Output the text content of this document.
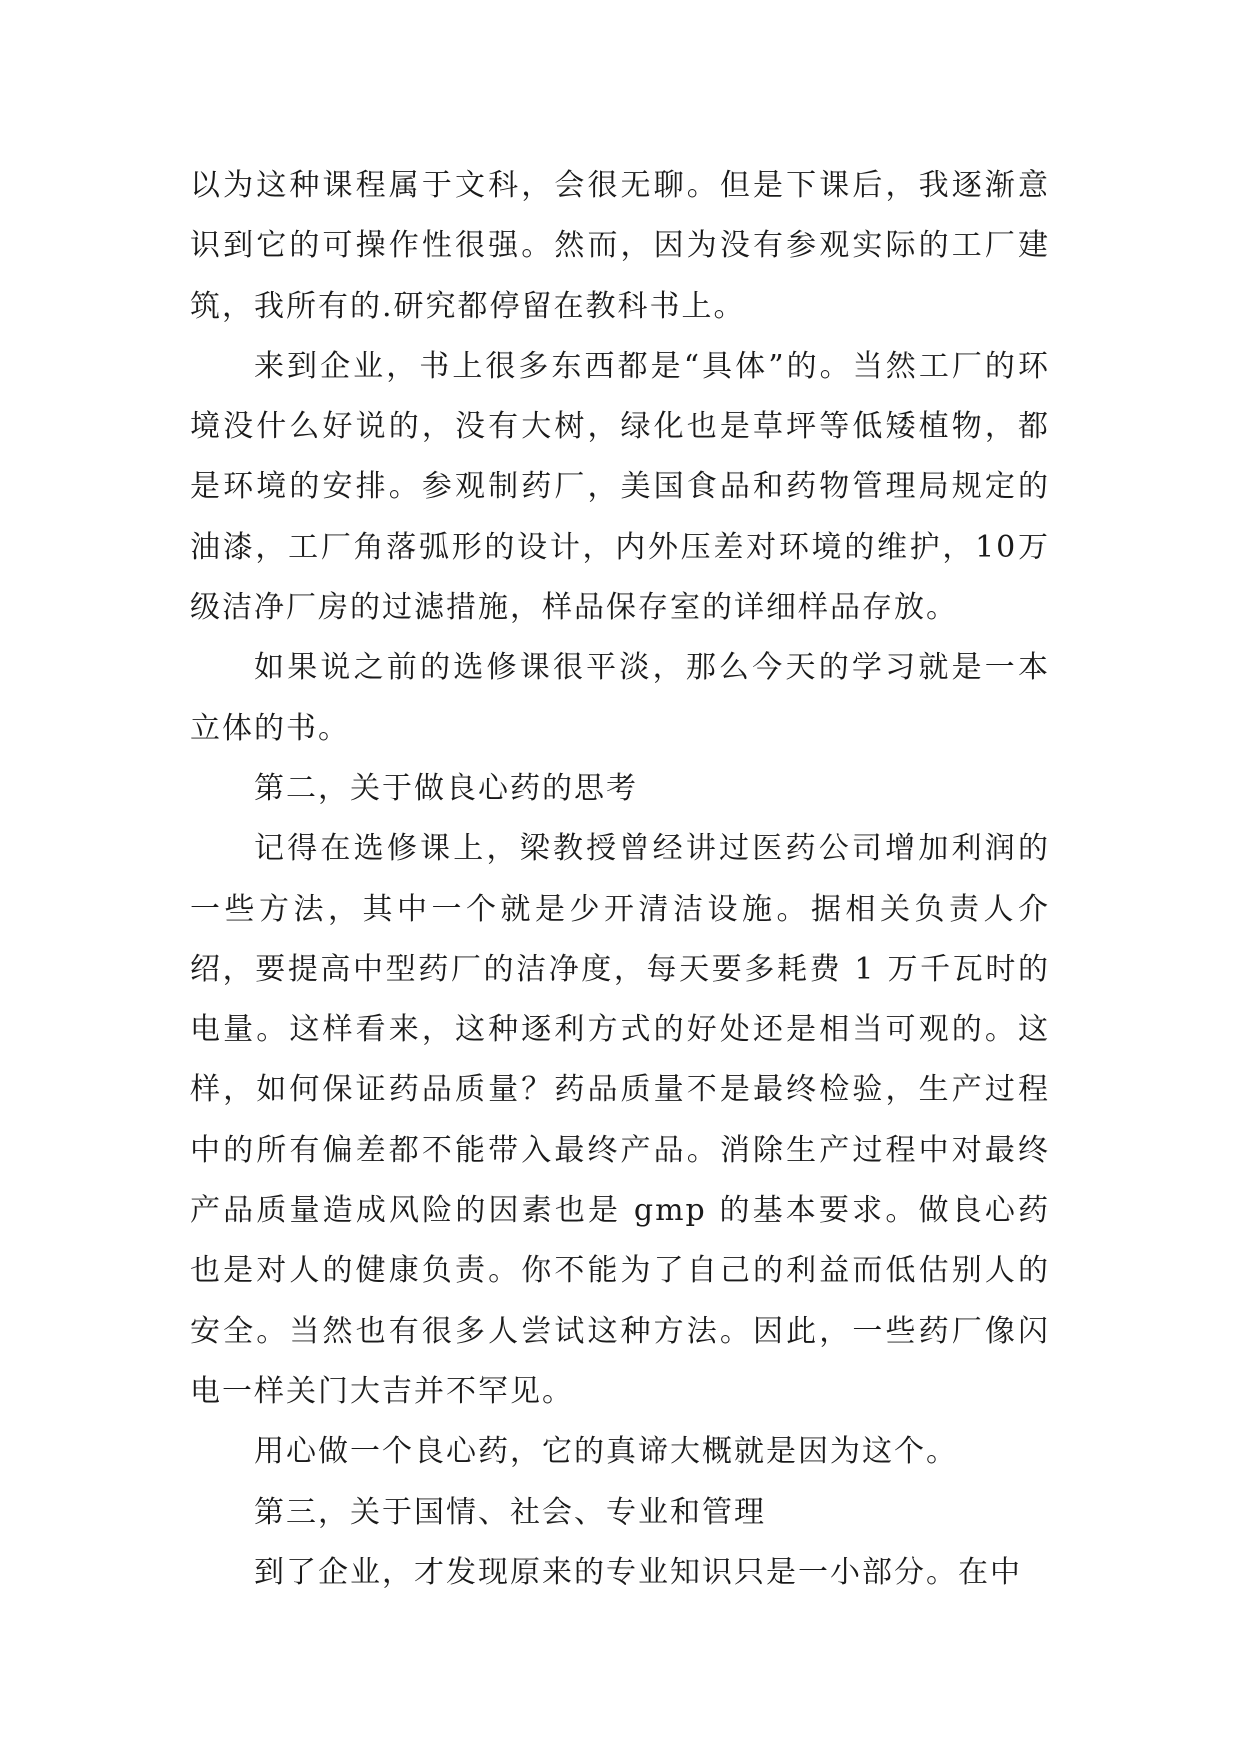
以为这种课程属于文科，会很无聊。但是下课后，我逐渐意识到它的可操作性很强。然而，因为没有参观实际的工厂建筑，我所有的.研究都停留在教科书上。

来到企业，书上很多东西都是“具体”的。当然工厂的环境没什么好说的，没有大树，绿化也是草坪等低矮植物，都是环境的安排。参观制药厂，美国食品和药物管理局规定的油漆，工厂角落弧形的设计，内外压差对环境的维护，10万级洁净厂房的过滤措施，样品保存室的详细样品存放。

如果说之前的选修课很平淡，那么今天的学习就是一本立体的书。

第二，关于做良心药的思考

记得在选修课上，梁教授曾经讲过医药公司增加利润的一些方法，其中一个就是少开清洁设施。据相关负责人介绍，要提高中型药厂的洁净度，每天要多耗费 1 万千瓦时的电量。这样看来，这种逐利方式的好处还是相当可观的。这样，如何保证药品质量？药品质量不是最终检验，生产过程中的所有偏差都不能带入最终产品。消除生产过程中对最终产品质量造成风险的因素也是 gmp 的基本要求。做良心药也是对人的健康负责。你不能为了自己的利益而低估别人的安全。当然也有很多人尝试这种方法。因此，一些药厂像闪电一样关门大吉并不罕见。

用心做一个良心药，它的真谛大概就是因为这个。

第三，关于国情、社会、专业和管理

到了企业，才发现原来的专业知识只是一小部分。在中
